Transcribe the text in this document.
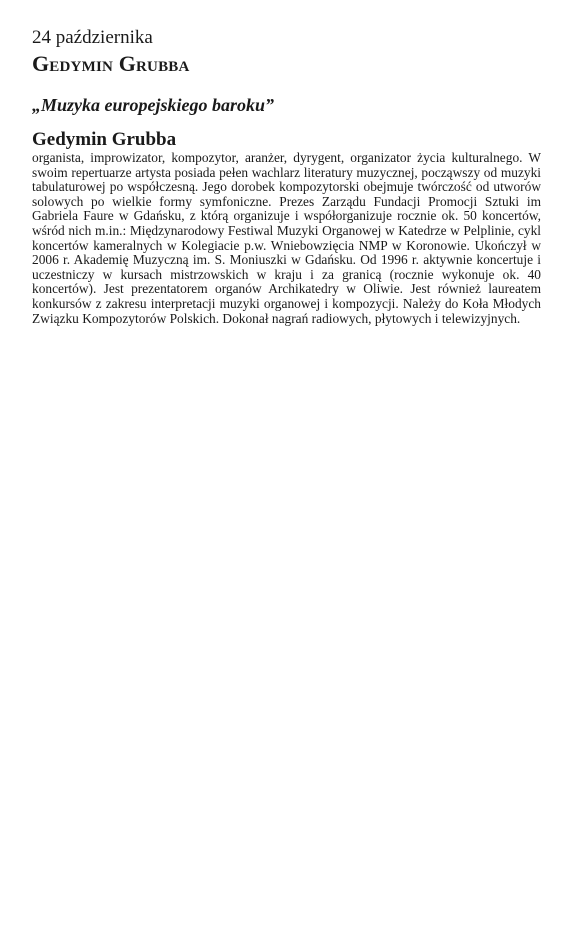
24 października

Gedymin Grubba
„Muzyka europejskiego baroku”
Gedymin Grubba

organista, improwizator, kompozytor, aranżer, dyrygent, organizator życia kulturalnego. W swoim repertuarze artysta posiada pełen wachlarz literatury muzycznej, począwszy od muzyki tabulaturowej po współczesną. Jego dorobek kompozytorski obejmuje twórczość od utworów solowych po wielkie formy symfoniczne. Prezes Zarządu Fundacji Promocji Sztuki im Gabriela Faure w Gdańsku, z którą organizuje i współorganizuje rocznie ok. 50 koncertów, wśród nich m.in.: Międzynarodowy Festiwal Muzyki Organowej w Katedrze w Pelplinie, cykl koncertów kameralnych w Kolegiacie p.w. Wniebowzięcia NMP w Koronowie. Ukończył w 2006 r. Akademię Muzyczną im. S. Moniuszki w Gdańsku. Od 1996 r. aktywnie koncertuje i uczestniczy w kursach mistrzowskich w kraju i za granicą (rocznie wykonuje ok. 40 koncertów). Jest prezentatorem organów Archikatedry w Oliwie. Jest również laureatem konkursów z zakresu interpretacji muzyki organowej i kompozycji. Należy do Koła Młodych Związku Kompozytorów Polskich. Dokonał nagrań radiowych, płytowych i telewizyjnych.
